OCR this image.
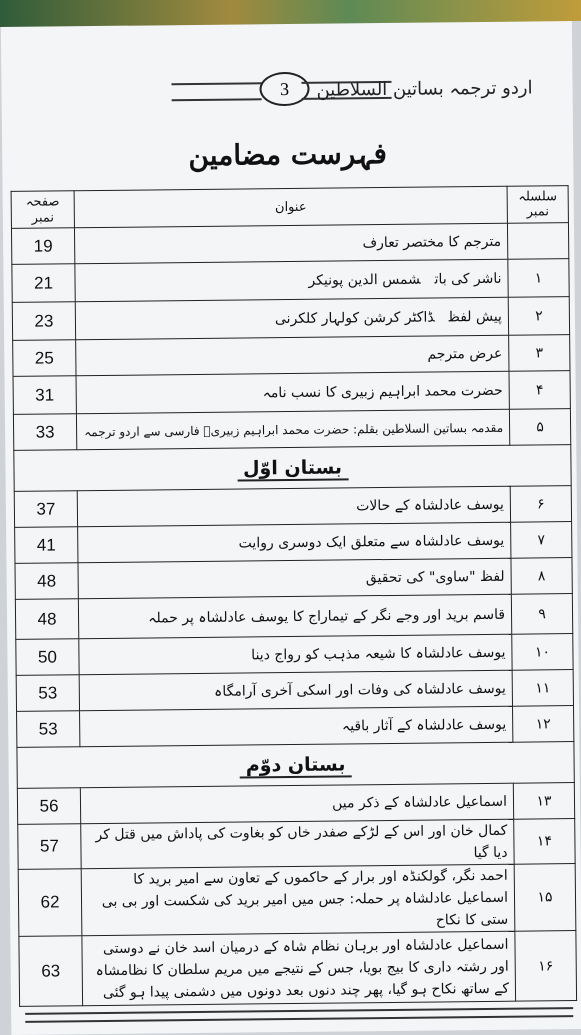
3	اردو ترجمہ بساتین السلاطین
فہرست مضامین
سلسلہ نمبر	عنوان	صفحہ نمبر
	مترجم کا مختصر تعارف	19
۱	ناشر کی باتشمس الدین پونیکر	21
۲	پیش لفظڈاکٹر کرشن کولہار کلکرنی	23
۳	عرض مترجم	25
۴	حضرت محمد ابراہیم زبیری کا نسب نامہ	31
۵	مقدمہ بساتین السلاطین بقلم: حضرت محمد ابراہیم زبیریؒ فارسی سے اردو ترجمہ	33
بستان اوّل		
۶	یوسف عادلشاہ کے حالات	37
۷	یوسف عادلشاہ سے متعلق ایک دوسری روایت	41
۸	لفظ "ساوی" کی تحقیق	48
۹	قاسم برید اور وجے نگر کے تیماراج کا یوسف عادلشاہ پر حملہ	48
۱۰	یوسف عادلشاہ کا شیعہ مذہب کو رواج دینا	50
۱۱	یوسف عادلشاہ کی وفات اور اسکی آخری آرامگاہ	53
۱۲	یوسف عادلشاہ کے آثار باقیہ	53
بستان دوّم		
۱۳	اسماعیل عادلشاہ کے ذکر میں	56
۱۴	کمال خان اور اس کے لڑکے صفدر خاں کو بغاوت کی پاداش میں قتل کر دیا گیا	57
۱۵	احمد نگر، گولکنڈہ اور برار کے حاکموں کے تعاون سے امیر برید کا اسماعیل عادلشاہ پر حملہ: جس میں امیر برید کی شکست اور بی بی ستی کا نکاح	62
۱۶	اسماعیل عادلشاہ اور برہان نظام شاہ کے درمیان اسد خان نے دوستی اور رشتہ داری کا بیج بویا، جس کے نتیجے میں مریم سلطان کا نظامشاہ کے ساتھ نکاح ہو گیا، پھر چند دنوں بعد دونوں میں دشمنی پیدا ہو گئی	63
